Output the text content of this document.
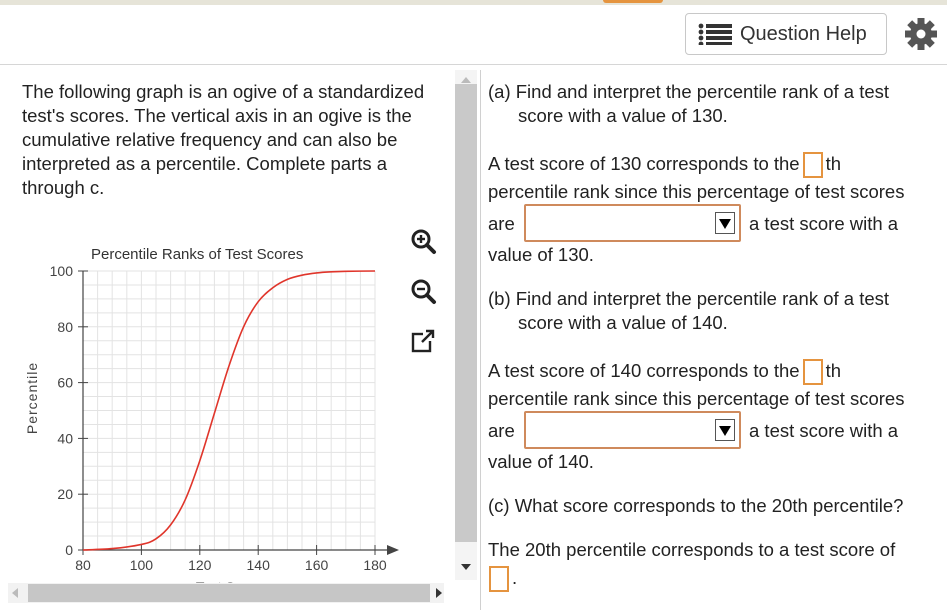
Question Help
The following graph is an ogive of a standardized test's scores. The vertical axis in an ogive is the cumulative relative frequency and can also be interpreted as a percentile. Complete parts a through c.
80	100	120	140	160	180
0
20
40
60
80
100
Percentile Ranks of Test Scores
Percentile
(a) Find and interpret the percentile rank of a test
score with a value of 130.
A test score of 130 corresponds to the th
percentile rank since this percentage of test scores
are	a test score with a
value of 130.
(b) Find and interpret the percentile rank of a test
score with a value of 140.
A test score of 140 corresponds to the th
percentile rank since this percentage of test scores
are	a test score with a
value of 140.
(c) What score corresponds to the 20th percentile?
The 20th percentile corresponds to a test score of
.
